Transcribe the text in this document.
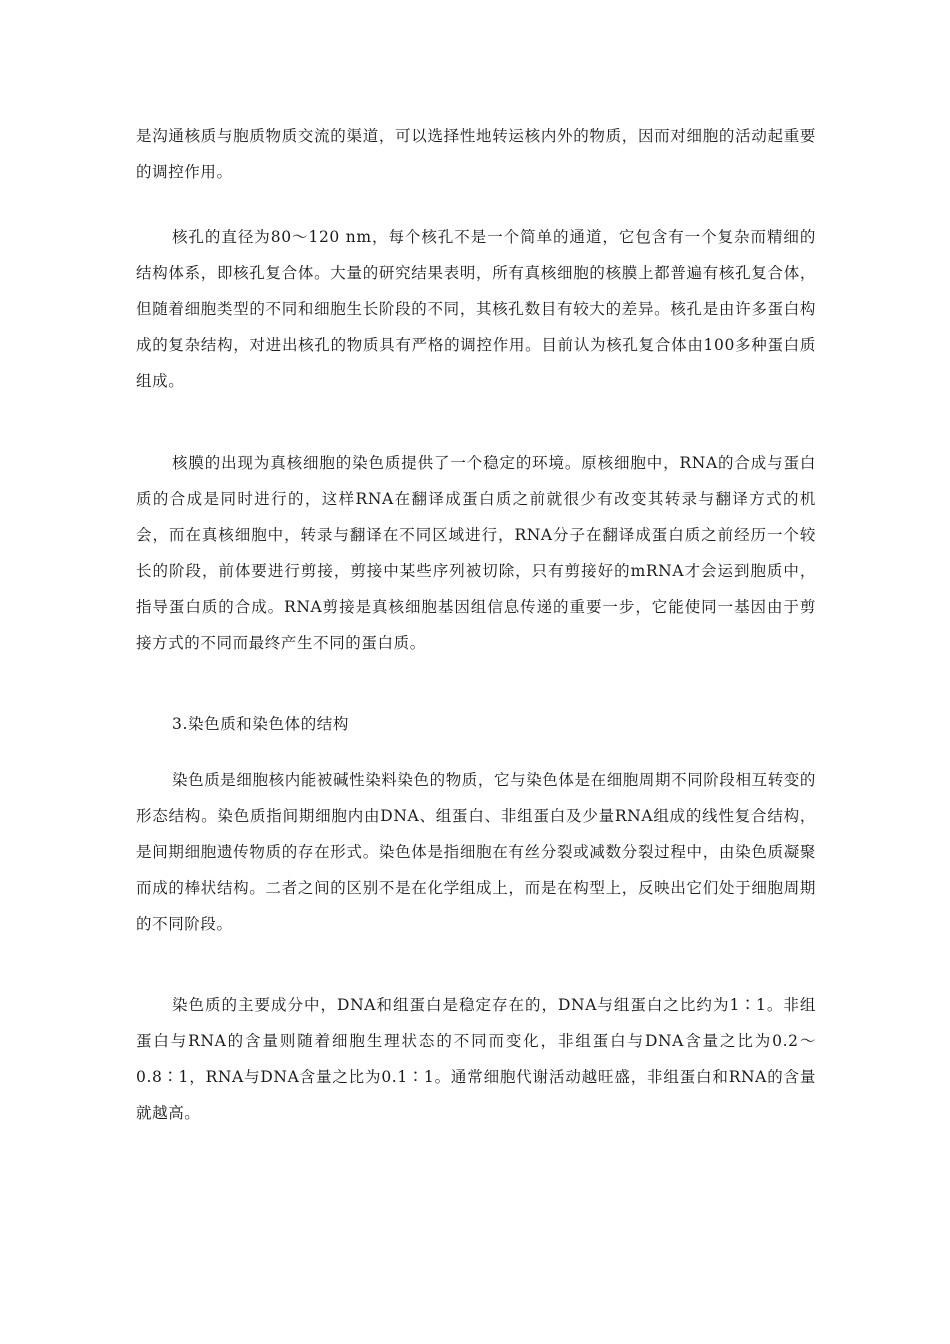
是沟通核质与胞质物质交流的渠道，可以选择性地转运核内外的物质，因而对细胞的活动起重要的调控作用。

核孔的直径为80～120 nm，每个核孔不是一个简单的通道，它包含有一个复杂而精细的结构体系，即核孔复合体。大量的研究结果表明，所有真核细胞的核膜上都普遍有核孔复合体，但随着细胞类型的不同和细胞生长阶段的不同，其核孔数目有较大的差异。核孔是由许多蛋白构成的复杂结构，对进出核孔的物质具有严格的调控作用。目前认为核孔复合体由100多种蛋白质组成。

核膜的出现为真核细胞的染色质提供了一个稳定的环境。原核细胞中，RNA的合成与蛋白质的合成是同时进行的，这样RNA在翻译成蛋白质之前就很少有改变其转录与翻译方式的机会，而在真核细胞中，转录与翻译在不同区域进行，RNA分子在翻译成蛋白质之前经历一个较长的阶段，前体要进行剪接，剪接中某些序列被切除，只有剪接好的mRNA才会运到胞质中，指导蛋白质的合成。RNA剪接是真核细胞基因组信息传递的重要一步，它能使同一基因由于剪接方式的不同而最终产生不同的蛋白质。

3.染色质和染色体的结构

染色质是细胞核内能被碱性染料染色的物质，它与染色体是在细胞周期不同阶段相互转变的形态结构。染色质指间期细胞内由DNA、组蛋白、非组蛋白及少量RNA组成的线性复合结构，是间期细胞遗传物质的存在形式。染色体是指细胞在有丝分裂或减数分裂过程中，由染色质凝聚而成的棒状结构。二者之间的区别不是在化学组成上，而是在构型上，反映出它们处于细胞周期的不同阶段。

染色质的主要成分中，DNA和组蛋白是稳定存在的，DNA与组蛋白之比约为1∶1。非组蛋白与RNA的含量则随着细胞生理状态的不同而变化，非组蛋白与DNA含量之比为0.2～0.8∶1，RNA与DNA含量之比为0.1∶1。通常细胞代谢活动越旺盛，非组蛋白和RNA的含量就越高。
